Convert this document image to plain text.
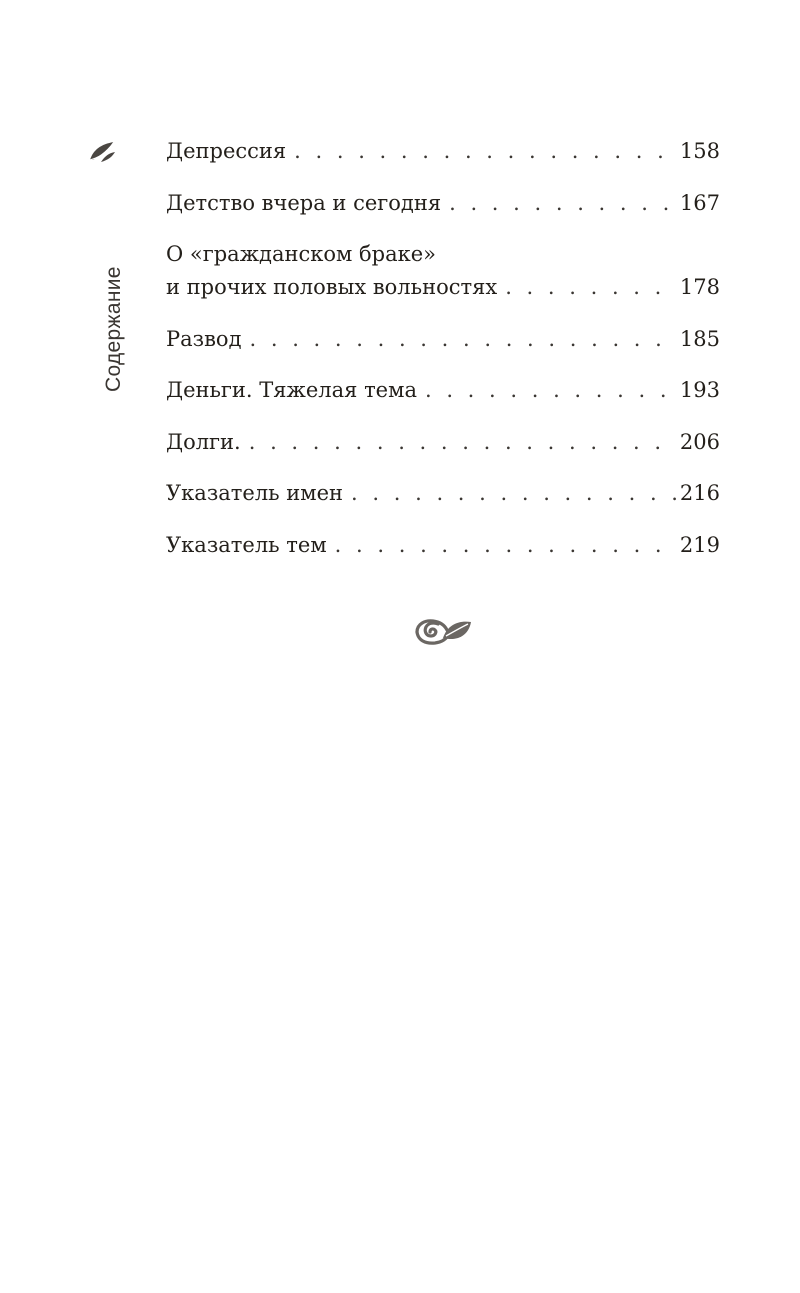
Содержание
Депрессия . . .	158
Детство вчера и сегодня . . .	167
О «гражданском браке»
и прочих половых вольностях . . .	178
Развод . . .	185
Деньги. Тяжелая тема . . .	193
Долги. . . .	206
Указатель имен . . .	216
Указатель тем . . .	219
